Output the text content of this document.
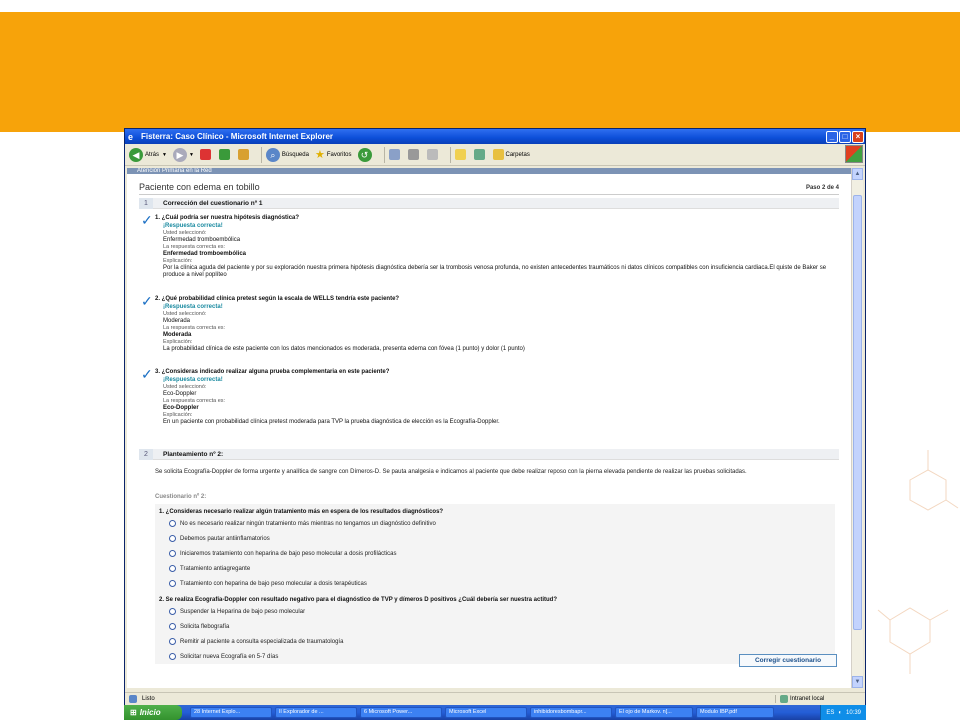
e Fisterra: Caso Clínico - Microsoft Internet Explorer	_	□	×
◀ Atrás ▼	▶	▼	⌕	Búsqueda ★ Favoritos	↺	Carpetas
Atención Primaria en la Red
Paciente con edema en tobillo	Paso 2 de 4
1	Corrección del cuestionario nº 1
✓ 1. ¿Cuál podría ser nuestra hipótesis diagnóstica?
¡Respuesta correcta!
Usted seleccionó:
Enfermedad tromboembólica
La respuesta correcta es:
Enfermedad tromboembólica
Explicación:
Por la clínica aguda del paciente y por su exploración nuestra primera hipótesis diagnóstica debería ser la trombosis venosa profunda, no existen antecedentes traumáticos ni datos clínicos compatibles con insuficiencia cardiaca.El quiste de Baker se produce a nivel poplíteo
✓ 2. ¿Qué probabilidad clínica pretest según la escala de WELLS tendría este paciente?
¡Respuesta correcta!
Usted seleccionó:
Moderada
La respuesta correcta es:
Moderada
Explicación:
La probabilidad clínica de este paciente con los datos mencionados es moderada, presenta edema con fóvea (1 punto) y dolor (1 punto)
✓ 3. ¿Consideras indicado realizar alguna prueba complementaria en este paciente?
¡Respuesta correcta!
Usted seleccionó:
Eco-Doppler
La respuesta correcta es:
Eco-Doppler
Explicación:
En un paciente con probabilidad clínica pretest moderada para TVP la prueba diagnóstica de elección es la Ecografía-Doppler.
2	Planteamiento nº 2:
Se solicita Ecografía-Doppler de forma urgente y analítica de sangre con Dímeros-D. Se pauta analgesia e indicamos al paciente que debe realizar reposo con la pierna elevada pendiente de realizar las pruebas solicitadas.
Cuestionario nº 2:
1. ¿Consideras necesario realizar algún tratamiento más en espera de los resultados diagnósticos?
No es necesario realizar ningún tratamiento más mientras no tengamos un diagnóstico definitivo
Debemos pautar antiinflamatorios
Iniciaremos tratamiento con heparina de bajo peso molecular a dosis profilácticas
Tratamiento antiagregante
Tratamiento con heparina de bajo peso molecular a dosis terapéuticas
2. Se realiza Ecografía-Doppler con resultado negativo para el diagnóstico de TVP y dímeros D positivos ¿Cuál debería ser nuestra actitud?
Suspender la Heparina de bajo peso molecular
Solicita flebografía
Remitir al paciente a consulta especializada de traumatología
Solicitar nueva Ecografía en 5-7 días
Corregir cuestionario
▲
▼
Listo	Intranet local
⊞ Inicio	28 Internet Explo...	Il Explorador de ...	6 Microsoft Power...	Microsoft Excel	inhibidoresbombapr...	El ojo de Markov. n[...	Modulo IBP.pdf	ES ◐ 10:39
